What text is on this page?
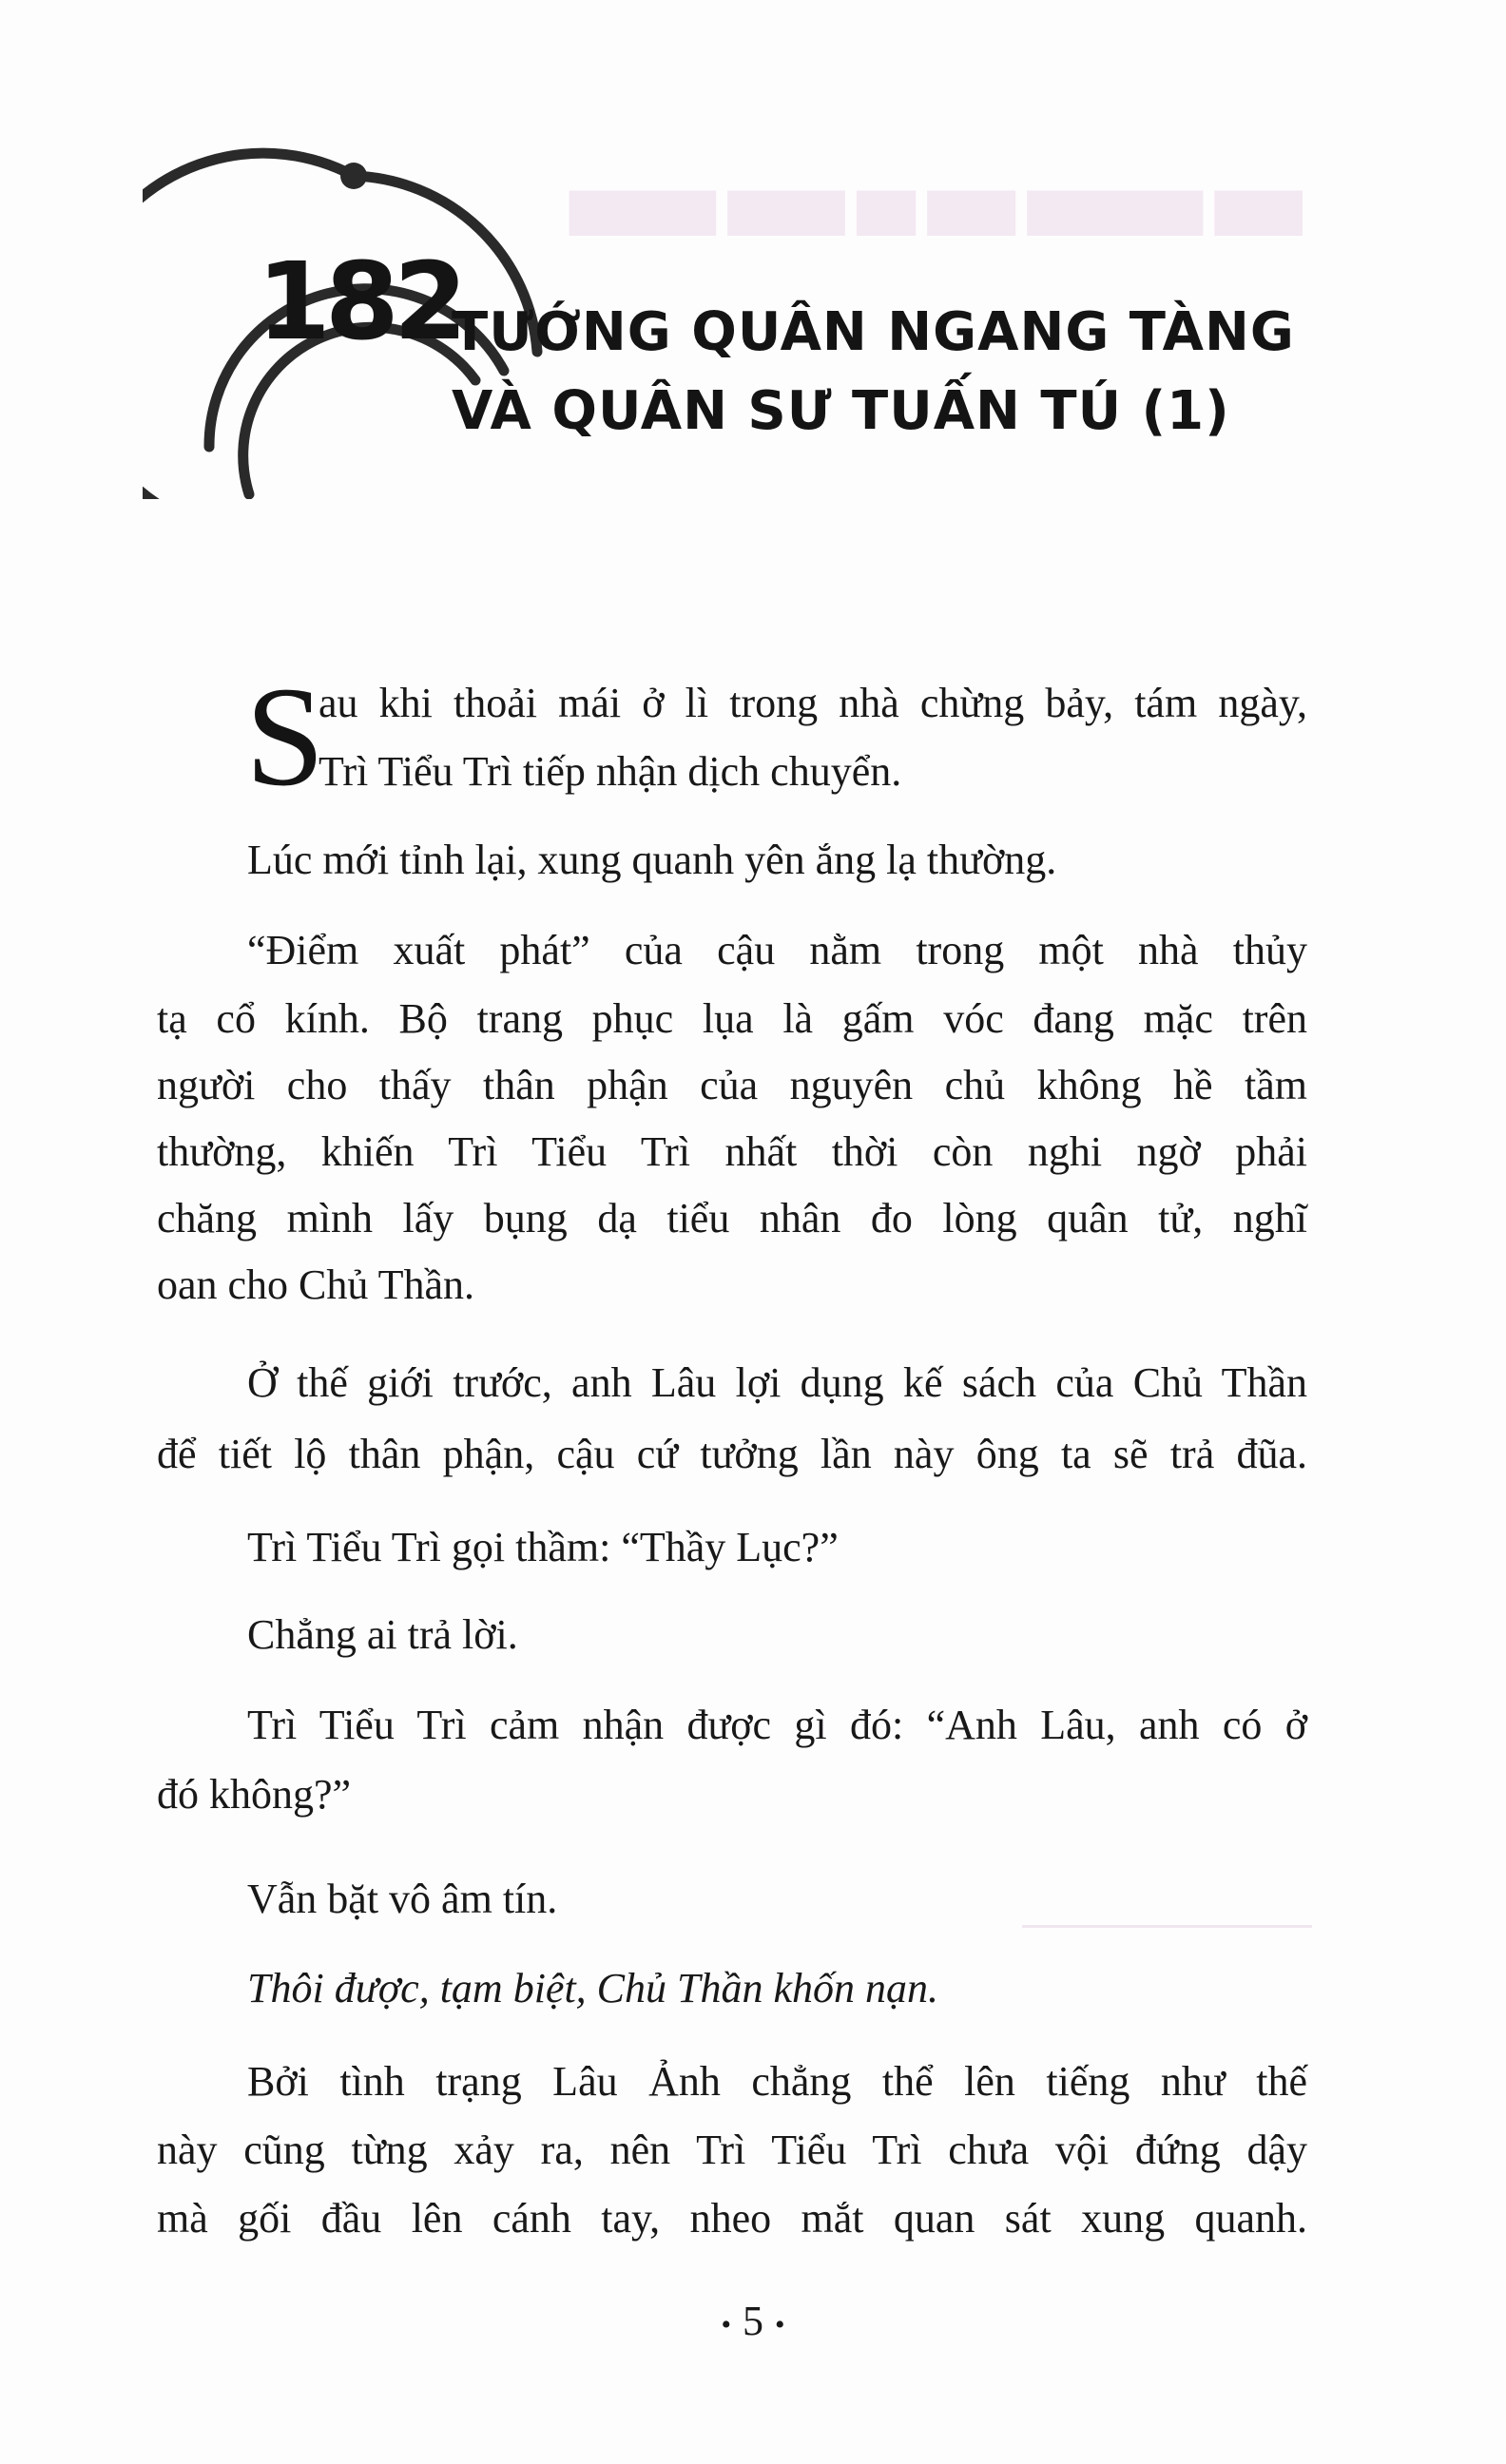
███ ██████ ███ ██ ████ █████
182
TƯỚNG QUÂN NGANG TÀNG
VÀ QUÂN SƯ TUẤN TÚ (1)
S
au khi thoải mái ở lì trong nhà chừng bảy, tám ngày,
Trì Tiểu Trì tiếp nhận dịch chuyển.
Lúc mới tỉnh lại, xung quanh yên ắng lạ thường.
“Điểm xuất phát” của cậu nằm trong một nhà thủy
tạ cổ kính. Bộ trang phục lụa là gấm vóc đang mặc trên
người cho thấy thân phận của nguyên chủ không hề tầm
thường, khiến Trì Tiểu Trì nhất thời còn nghi ngờ phải
chăng mình lấy bụng dạ tiểu nhân đo lòng quân tử, nghĩ
oan cho Chủ Thần.
Ở thế giới trước, anh Lâu lợi dụng kế sách của Chủ Thần
để tiết lộ thân phận, cậu cứ tưởng lần này ông ta sẽ trả đũa.
Trì Tiểu Trì gọi thầm: “Thầy Lục?”
Chẳng ai trả lời.
Trì Tiểu Trì cảm nhận được gì đó: “Anh Lâu, anh có ở
đó không?”
Vẫn bặt vô âm tín.
Thôi được, tạm biệt, Chủ Thần khốn nạn.
Bởi tình trạng Lâu Ảnh chẳng thể lên tiếng như thế
này cũng từng xảy ra, nên Trì Tiểu Trì chưa vội đứng dậy
mà gối đầu lên cánh tay, nheo mắt quan sát xung quanh.
• 5 •
